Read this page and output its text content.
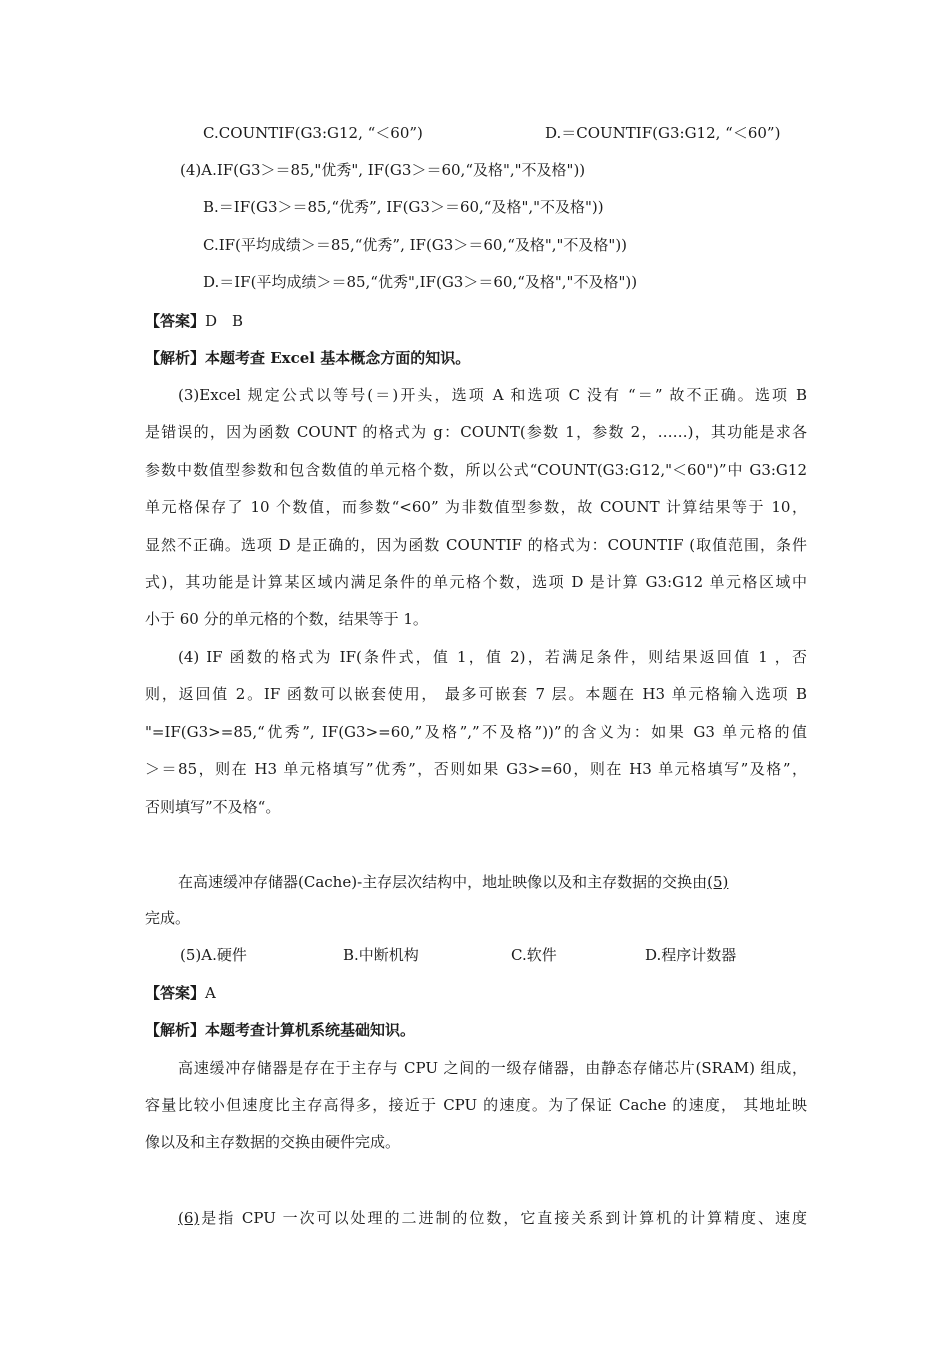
C.COUNTIF(G3:G12, “＜60”)	D.＝COUNTIF(G3:G12, “＜60”)
(4)A.IF(G3＞＝85,"优秀", IF(G3＞＝60,“及格","不及格"))
B.＝IF(G3＞＝85,“优秀”, IF(G3＞＝60,“及格","不及格"))
C.IF(平均成绩＞＝85,“优秀”, IF(G3＞＝60,“及格","不及格"))
D.＝IF(平均成绩＞＝85,“优秀",IF(G3＞＝60,“及格","不及格"))
【答案】D　B
【解析】本题考查 Excel 基本概念方面的知识。
(3)Excel 规定公式以等号(＝)开头，选项 A 和选项 C 没有 “＝” 故不正确。选项 B
是错误的，因为函数 COUNT 的格式为 g：COUNT(参数 1，参数 2，……)，其功能是求各
参数中数值型参数和包含数值的单元格个数，所以公式“COUNT(G3:G12,"＜60")”中 G3:G12
单元格保存了 10 个数值，而参数“<60” 为非数值型参数，故 COUNT 计算结果等于 10，
显然不正确。选项 D 是正确的，因为函数 COUNTIF 的格式为：COUNTIF (取值范围，条件
式)，其功能是计算某区域内满足条件的单元格个数，选项 D 是计算 G3:G12 单元格区域中
小于 60 分的单元格的个数，结果等于 1。
(4) IF 函数的格式为 IF(条件式，值 1，值 2)，若满足条件，则结果返回值 1 ，否
则，返回值 2。IF 函数可以嵌套使用， 最多可嵌套 7 层。本题在 H3 单元格输入选项 B
"=IF(G3>=85,“优秀”, IF(G3>=60,”及格”,”不及格”))”的含义为：如果 G3 单元格的值
＞＝85，则在 H3 单元格填写”优秀”，否则如果 G3>=60，则在 H3 单元格填写”及格”，
否则填写”不及格“。
在高速缓冲存储器(Cache)-主存层次结构中，地址映像以及和主存数据的交换由(5)
完成。
(5)A.硬件	B.中断机构	C.软件	D.程序计数器
【答案】A
【解析】本题考查计算机系统基础知识。
高速缓冲存储器是存在于主存与 CPU 之间的一级存储器，由静态存储芯片(SRAM) 组成，
容量比较小但速度比主存高得多，接近于 CPU 的速度。为了保证 Cache 的速度， 其地址映
像以及和主存数据的交换由硬件完成。
(6)是指 CPU 一次可以处理的二进制的位数，它直接关系到计算机的计算精度、速度
